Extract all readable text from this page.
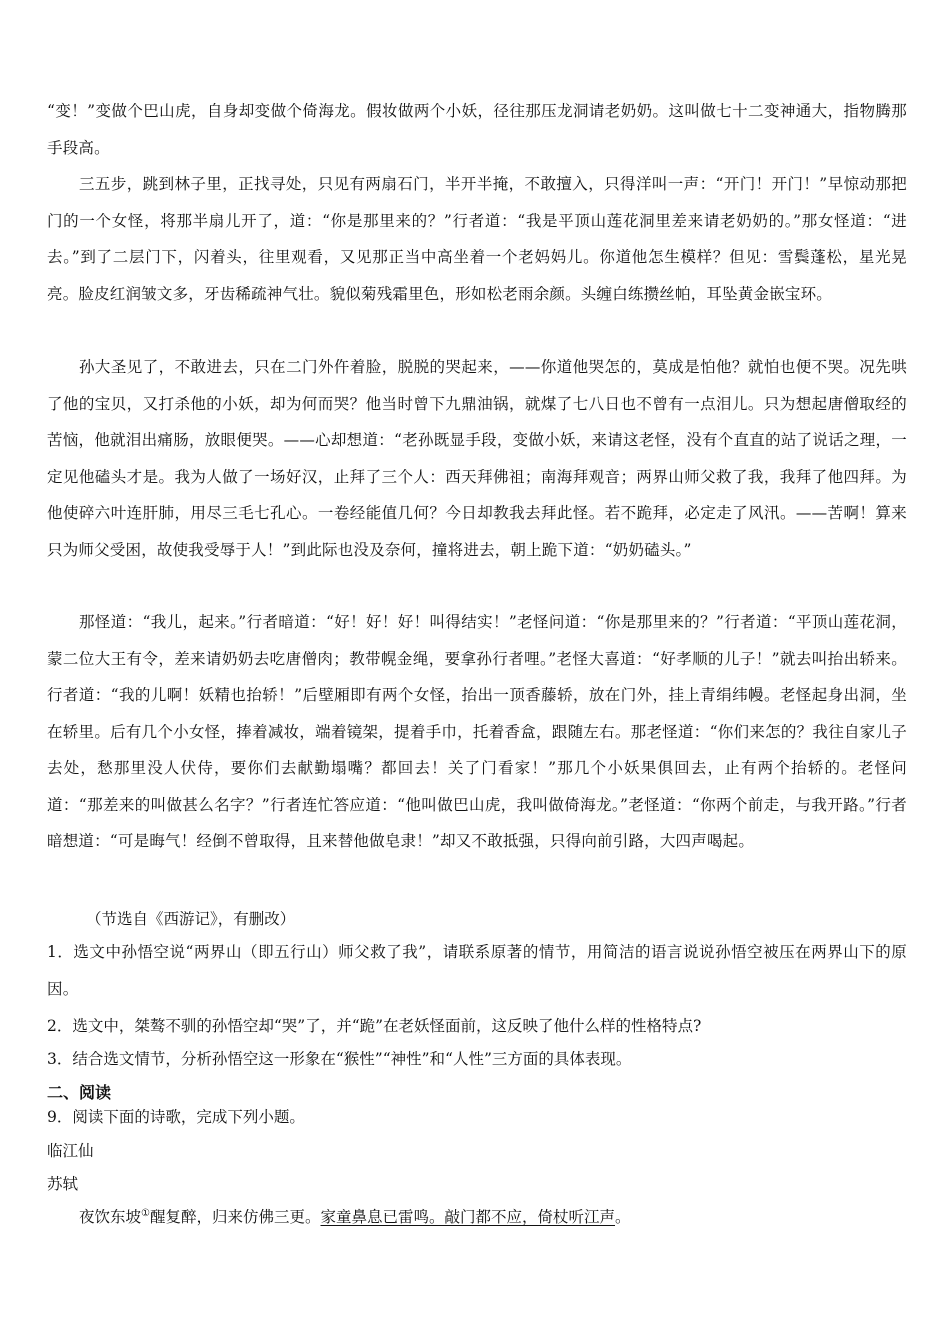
“变！”变做个巴山虎，自身却变做个倚海龙。假妆做两个小妖，径往那压龙洞请老奶奶。这叫做七十二变神通大，指物腾那手段高。

三五步，跳到林子里，正找寻处，只见有两扇石门，半开半掩，不敢擅入，只得洋叫一声：“开门！开门！”早惊动那把门的一个女怪，将那半扇儿开了，道：“你是那里来的？”行者道：“我是平顶山莲花洞里差来请老奶奶的。”那女怪道：“进去。”到了二层门下，闪着头，往里观看，又见那正当中高坐着一个老妈妈儿。你道他怎生模样？但见：雪鬓蓬松，星光晃亮。脸皮红润皱文多，牙齿稀疏神气壮。貌似菊残霜里色，形如松老雨余颜。头缠白练攒丝帕，耳坠黄金嵌宝环。

孙大圣见了，不敢进去，只在二门外仵着脸，脱脱的哭起来，——你道他哭怎的，莫成是怕他？就怕也便不哭。况先哄了他的宝贝，又打杀他的小妖，却为何而哭？他当时曾下九鼎油锅，就煤了七八日也不曾有一点泪儿。只为想起唐僧取经的苦恼，他就泪出痛肠，放眼便哭。——心却想道：“老孙既显手段，变做小妖，来请这老怪，没有个直直的站了说话之理，一定见他磕头才是。我为人做了一场好汉，止拜了三个人：西天拜佛祖；南海拜观音；两界山师父救了我，我拜了他四拜。为他使碎六叶连肝肺，用尽三毛七孔心。一卷经能值几何？今日却教我去拜此怪。若不跪拜，必定走了风汛。——苦啊！算来只为师父受困，故使我受辱于人！”到此际也没及奈何，撞将进去，朝上跪下道：“奶奶磕头。”

那怪道：“我儿，起来。”行者暗道：“好！好！好！叫得结实！”老怪问道：“你是那里来的？”行者道：“平顶山莲花洞，蒙二位大王有令，差来请奶奶去吃唐僧肉；教带幌金绳，要拿孙行者哩。”老怪大喜道：“好孝顺的儿子！”就去叫抬出轿来。行者道：“我的儿啊！妖精也抬轿！”后壁厢即有两个女怪，抬出一顶香藤轿，放在门外，挂上青绢纬幔。老怪起身出洞，坐在轿里。后有几个小女怪，捧着减妆，端着镜架，提着手巾，托着香盒，跟随左右。那老怪道：“你们来怎的？我往自家儿子去处，愁那里没人伏侍，要你们去献勤塌嘴？都回去！关了门看家！”那几个小妖果俱回去，止有两个抬轿的。老怪问道：“那差来的叫做甚么名字？”行者连忙答应道：“他叫做巴山虎，我叫做倚海龙。”老怪道：“你两个前走，与我开路。”行者暗想道：“可是晦气！经倒不曾取得，且来替他做皂隶！”却又不敢抵强，只得向前引路，大四声喝起。

（节选自《西游记》，有删改）

1．选文中孙悟空说“两界山（即五行山）师父救了我”，请联系原著的情节，用简洁的语言说说孙悟空被压在两界山下的原因。

2．选文中，桀骜不驯的孙悟空却“哭”了，并“跪”在老妖怪面前，这反映了他什么样的性格特点?

3．结合选文情节，分析孙悟空这一形象在“猴性”“神性”和“人性”三方面的具体表现。

二、阅读

9．阅读下面的诗歌，完成下列小题。

临江仙

苏轼

夜饮东坡①醒复醉，归来仿佛三更。家童鼻息已雷鸣。敲门都不应，倚杖听江声。
